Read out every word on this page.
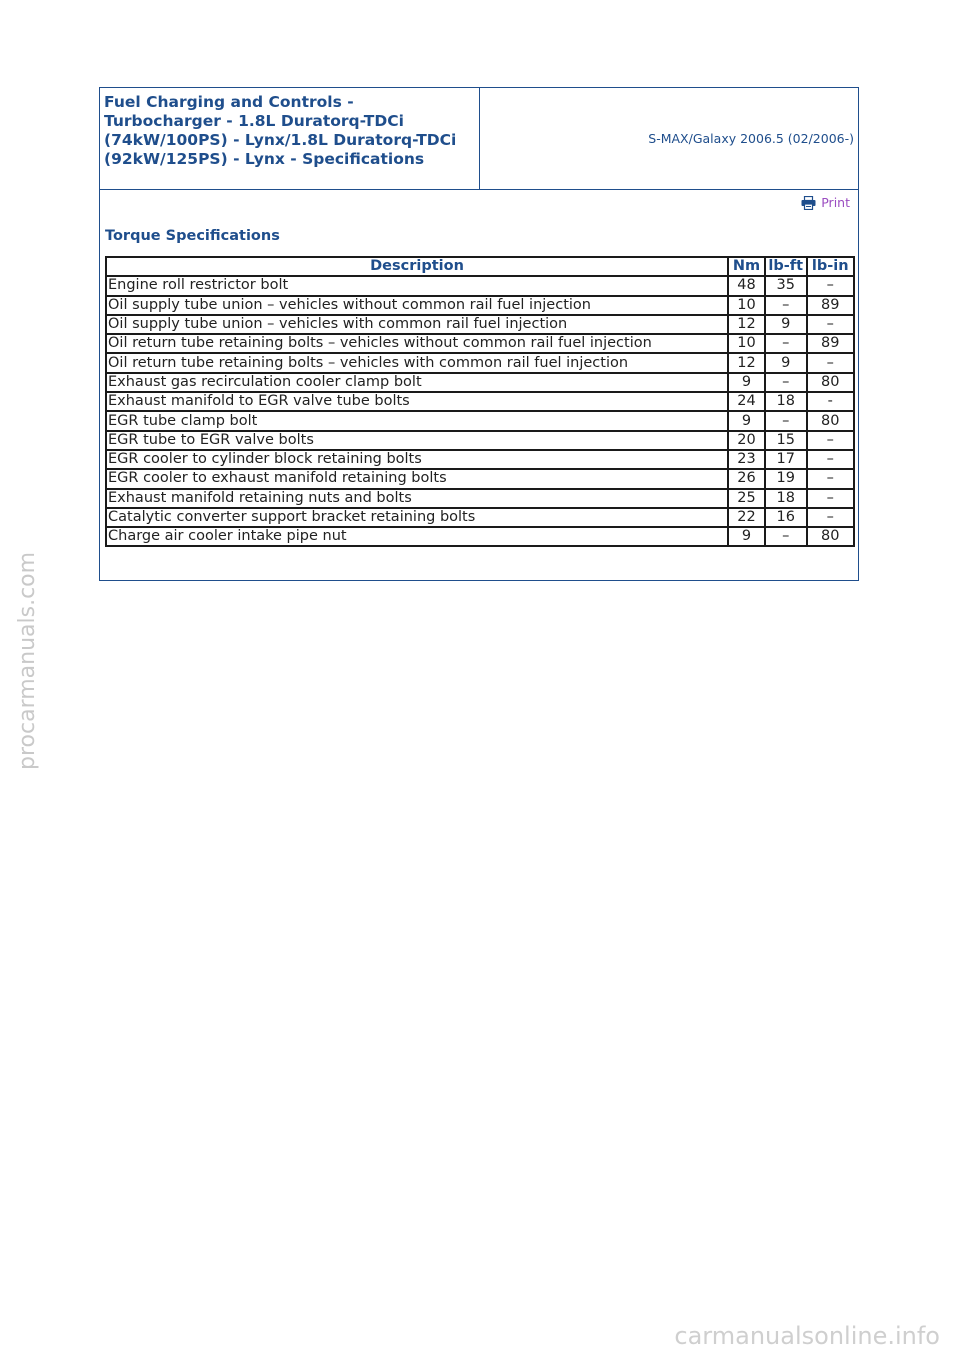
Fuel Charging and Controls - Turbocharger - 1.8L Duratorq-TDCi (74kW/100PS) - Lynx/1.8L Duratorq-TDCi (92kW/125PS) - Lynx - Specifications

S-MAX/Galaxy 2006.5 (02/2006-)
Print
Torque Specifications
Description	Nm	lb-ft	lb-in
Engine roll restrictor bolt	48	35	–
Oil supply tube union – vehicles without common rail fuel injection	10	–	89
Oil supply tube union – vehicles with common rail fuel injection	12	9	–
Oil return tube retaining bolts – vehicles without common rail fuel injection	10	–	89
Oil return tube retaining bolts – vehicles with common rail fuel injection	12	9	–
Exhaust gas recirculation cooler clamp bolt	9	–	80
Exhaust manifold to EGR valve tube bolts	24	18	-
EGR tube clamp bolt	9	–	80
EGR tube to EGR valve bolts	20	15	–
EGR cooler to cylinder block retaining bolts	23	17	–
EGR cooler to exhaust manifold retaining bolts	26	19	–
Exhaust manifold retaining nuts and bolts	25	18	–
Catalytic converter support bracket retaining bolts	22	16	–
Charge air cooler intake pipe nut	9	–	80
procarmanuals.com
carmanualsonline.info
